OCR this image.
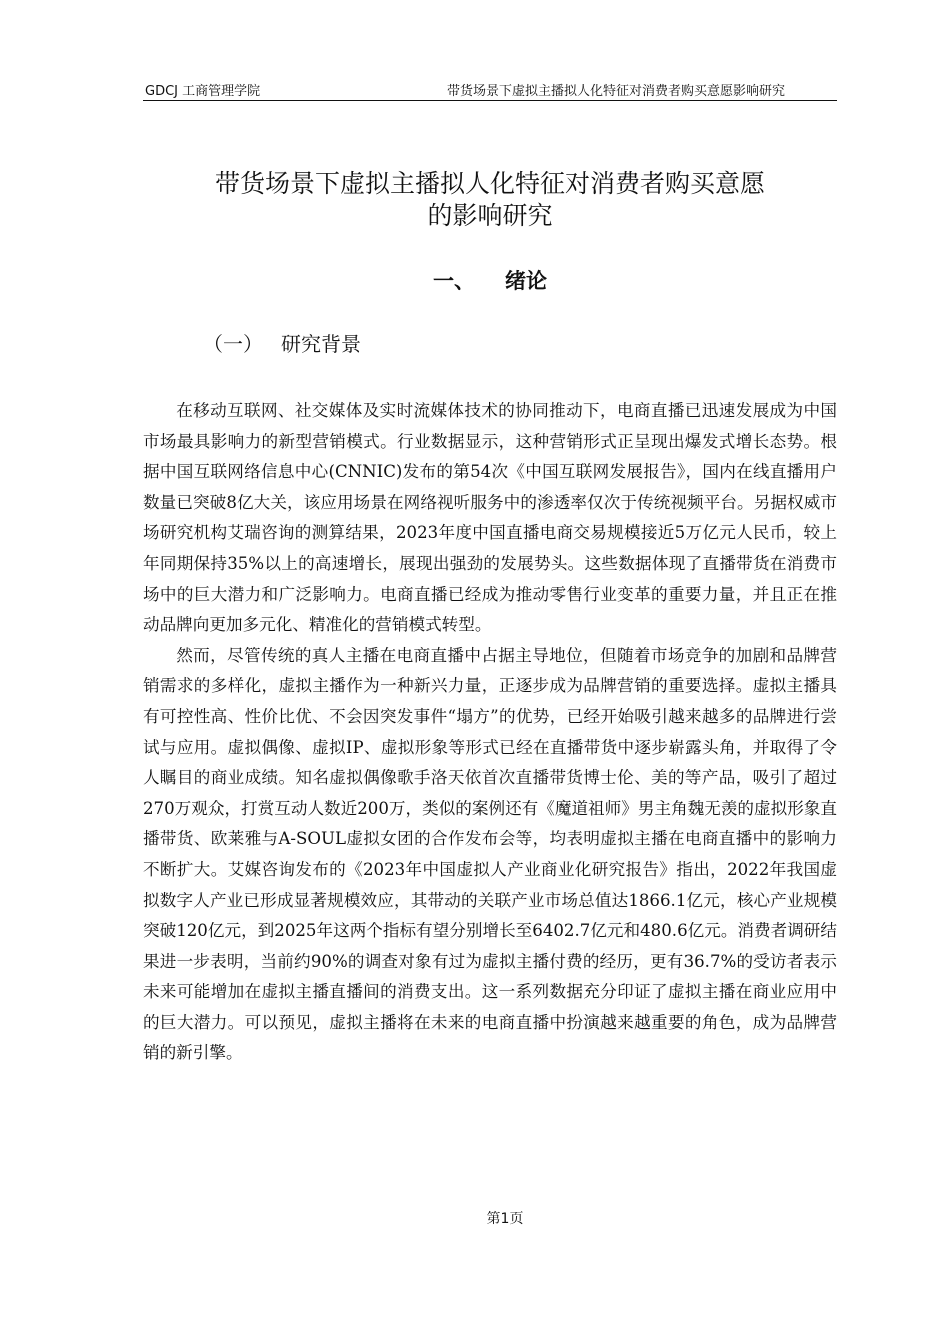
GDCJ 工商管理学院	带货场景下虚拟主播拟人化特征对消费者购买意愿影响研究
带货场景下虚拟主播拟人化特征对消费者购买意愿
的影响研究
一、 绪论
（一） 研究背景

在移动互联网、社交媒体及实时流媒体技术的协同推动下，电商直播已迅速发展成为中国市场最具影响力的新型营销模式。行业数据显示，这种营销形式正呈现出爆发式增长态势。根据中国互联网络信息中心(CNNIC)发布的第54次《中国互联网发展报告》，国内在线直播用户数量已突破8亿大关，该应用场景在网络视听服务中的渗透率仅次于传统视频平台。另据权威市场研究机构艾瑞咨询的测算结果，2023年度中国直播电商交易规模接近5万亿元人民币，较上年同期保持35%以上的高速增长，展现出强劲的发展势头。这些数据体现了直播带货在消费市场中的巨大潜力和广泛影响力。电商直播已经成为推动零售行业变革的重要力量，并且正在推动品牌向更加多元化、精准化的营销模式转型。

然而，尽管传统的真人主播在电商直播中占据主导地位，但随着市场竞争的加剧和品牌营销需求的多样化，虚拟主播作为一种新兴力量，正逐步成为品牌营销的重要选择。虚拟主播具有可控性高、性价比优、不会因突发事件“塌方”的优势，已经开始吸引越来越多的品牌进行尝试与应用。虚拟偶像、虚拟IP、虚拟形象等形式已经在直播带货中逐步崭露头角，并取得了令人瞩目的商业成绩。知名虚拟偶像歌手洛天依首次直播带货博士伦、美的等产品，吸引了超过270万观众，打赏互动人数近200万，类似的案例还有《魔道祖师》男主角魏无羡的虚拟形象直播带货、欧莱雅与A-SOUL虚拟女团的合作发布会等，均表明虚拟主播在电商直播中的影响力不断扩大。艾媒咨询发布的《2023年中国虚拟人产业商业化研究报告》指出，2022年我国虚拟数字人产业已形成显著规模效应，其带动的关联产业市场总值达1866.1亿元，核心产业规模突破120亿元，到2025年这两个指标有望分别增长至6402.7亿元和480.6亿元。消费者调研结果进一步表明，当前约90%的调查对象有过为虚拟主播付费的经历，更有36.7%的受访者表示未来可能增加在虚拟主播直播间的消费支出。这一系列数据充分印证了虚拟主播在商业应用中的巨大潜力。可以预见，虚拟主播将在未来的电商直播中扮演越来越重要的角色，成为品牌营销的新引擎。

第1页
